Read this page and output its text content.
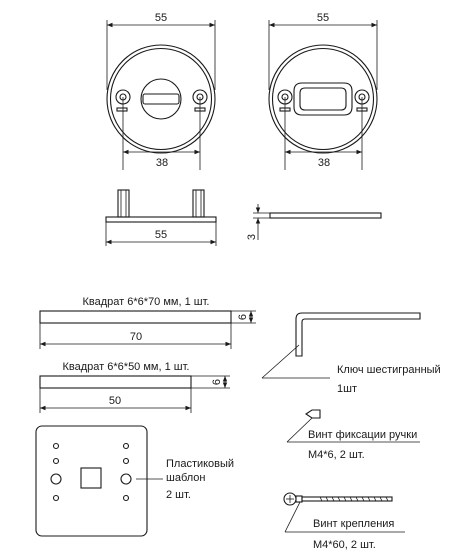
55
38
55
38
55	3
Квадрат 6*6*70 мм, 1 шт.
70
6
Квадрат 6*6*50 мм, 1 шт.
50
6
Ключ шестигранный
1шт
Пластиковый
шаблон
2 шт.
Винт фиксации ручки
М4*6, 2 шт.
Винт крепления
М4*60, 2 шт.
